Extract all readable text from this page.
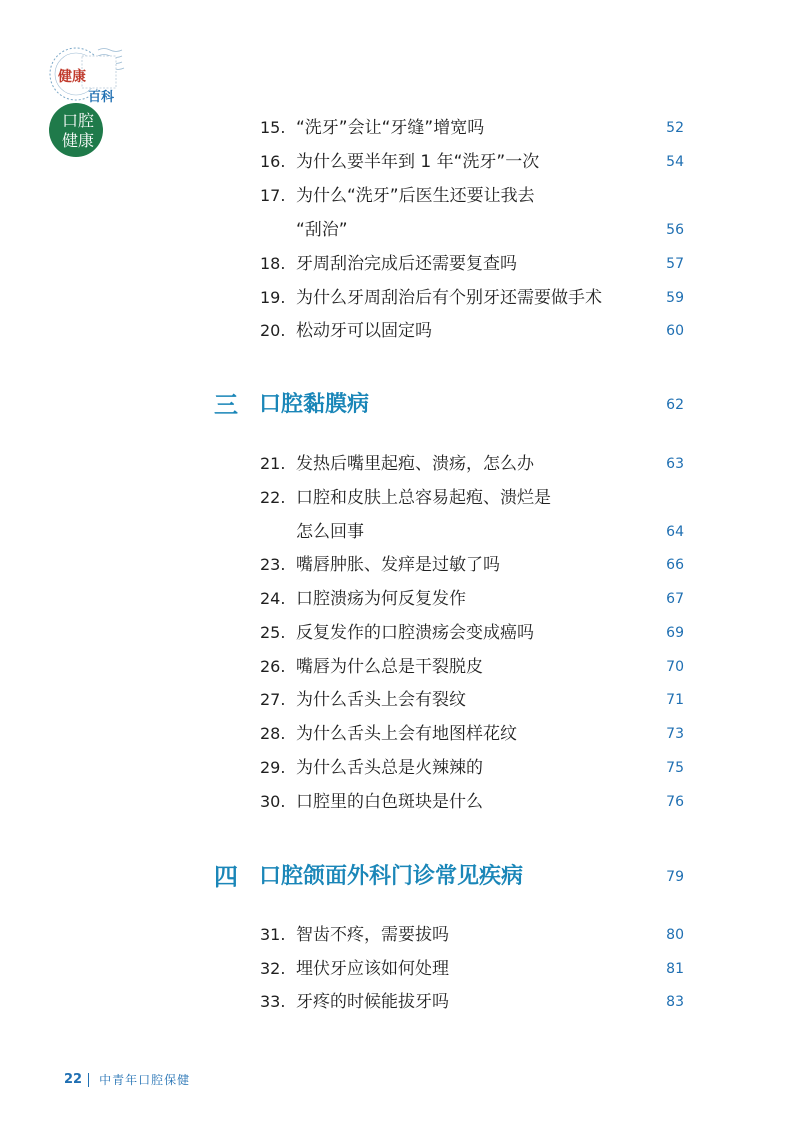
健康
百科
口腔
健康
系列	15. “洗牙”会让“牙缝”增宽吗	52
16. 为什么要半年到 1 年“洗牙”一次	54
17. 为什么“洗牙”后医生还要让我去
“刮治”	56
18. 牙周刮治完成后还需要复查吗	57
19. 为什么牙周刮治后有个别牙还需要做手术	59
20. 松动牙可以固定吗	60
三 口腔黏膜病	62
21. 发热后嘴里起疱、溃疡，怎么办	63
22. 口腔和皮肤上总容易起疱、溃烂是
怎么回事	64
23. 嘴唇肿胀、发痒是过敏了吗	66
24. 口腔溃疡为何反复发作	67
25. 反复发作的口腔溃疡会变成癌吗	69
26. 嘴唇为什么总是干裂脱皮	70
27. 为什么舌头上会有裂纹	71
28. 为什么舌头上会有地图样花纹	73
29. 为什么舌头总是火辣辣的	75
30. 口腔里的白色斑块是什么	76
四 口腔颌面外科门诊常见疾病	79
31. 智齿不疼，需要拔吗	80
32. 埋伏牙应该如何处理	81
33. 牙疼的时候能拔牙吗	83
$^{22}$ $^{中青年口腔保健}$
